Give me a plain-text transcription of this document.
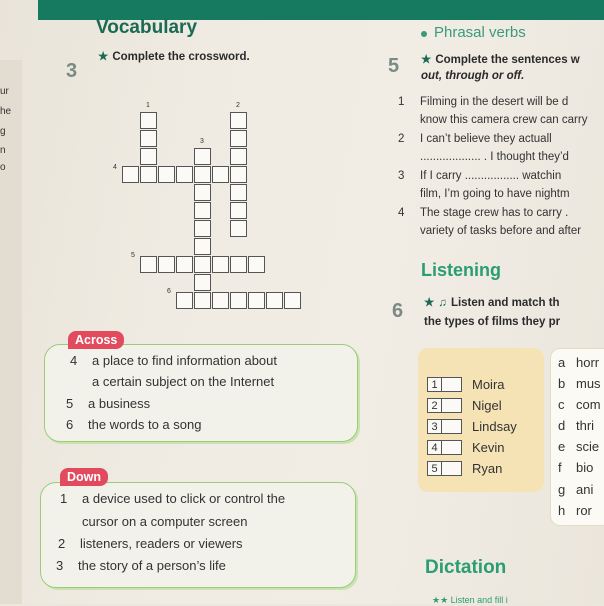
ur
he
g
n
o
Vocabulary
3
★ Complete the crossword.
1	2
3
4
5
6
Across
4 a place to find information about
a certain subject on the Internet
5 a business
6 the words to a song
Down
1 a device used to click or control the
cursor on a computer screen
2 listeners, readers or viewers
3 the story of a person’s life
Phrasal verbs
5 ★ Complete the sentences w
out, through or off.
1 Filming in the desert will be d
know this camera crew can carry
2 I can’t believe they actuall
................... . I thought they’d
3 If I carry ................. watchin
film, I’m going to have nightm
4 The stage crew has to carry .
variety of tasks before and after
Listening
6 ★ ♫ Listen and match th
the types of films they pr
1	Moira
2	Nigel
3	Lindsay
4	Kevin
5	Ryan
a horr
b mus
c com
d thri
e scie
f bio
g ani
h ror
Dictation
★★ Listen and fill i
